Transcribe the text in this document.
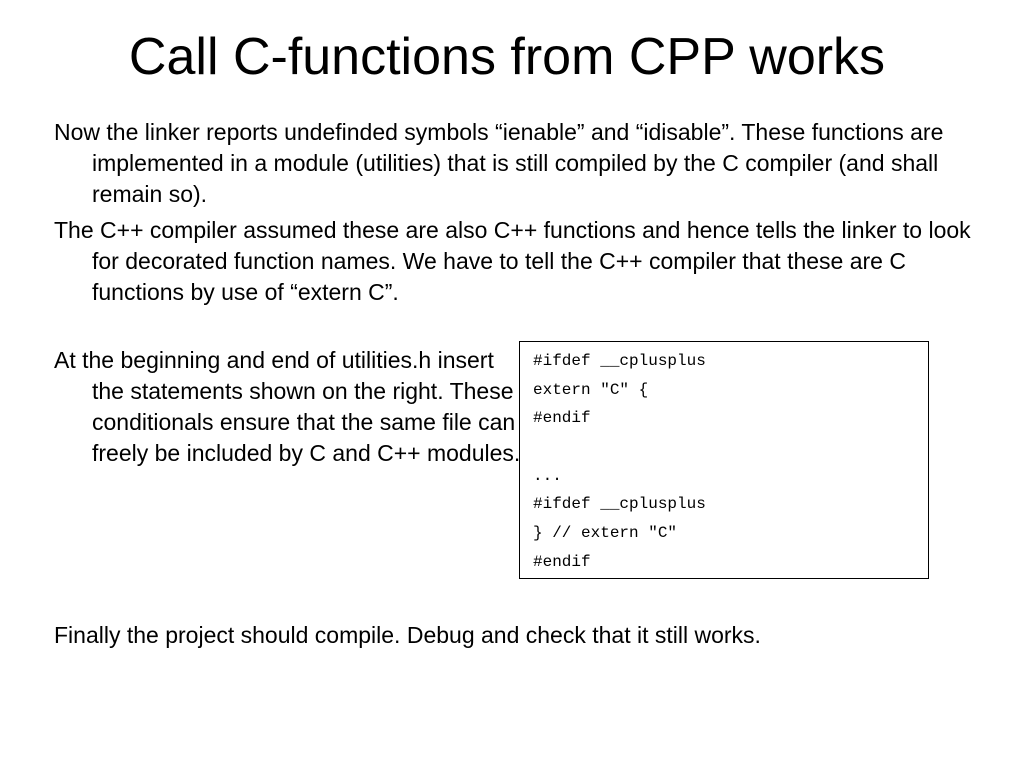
Call C-functions from CPP works

Now the linker reports undefinded symbols “ienable” and “idisable”. These functions are implemented in a module (utilities) that is still compiled by the C compiler (and shall remain so).

The C++ compiler assumed these are also C++ functions and hence tells the linker to look for decorated function names. We have to tell the C++ compiler that these are C functions by use of “extern C”.

At the beginning and end of utilities.h insert the statements shown on the right. These conditionals ensure that the same file can freely be included by C and C++ modules.

#ifdef __cplusplus
extern "C" {
#endif
...
#ifdef __cplusplus
} // extern "C"
#endif

Finally the project should compile. Debug and check that it still works.
